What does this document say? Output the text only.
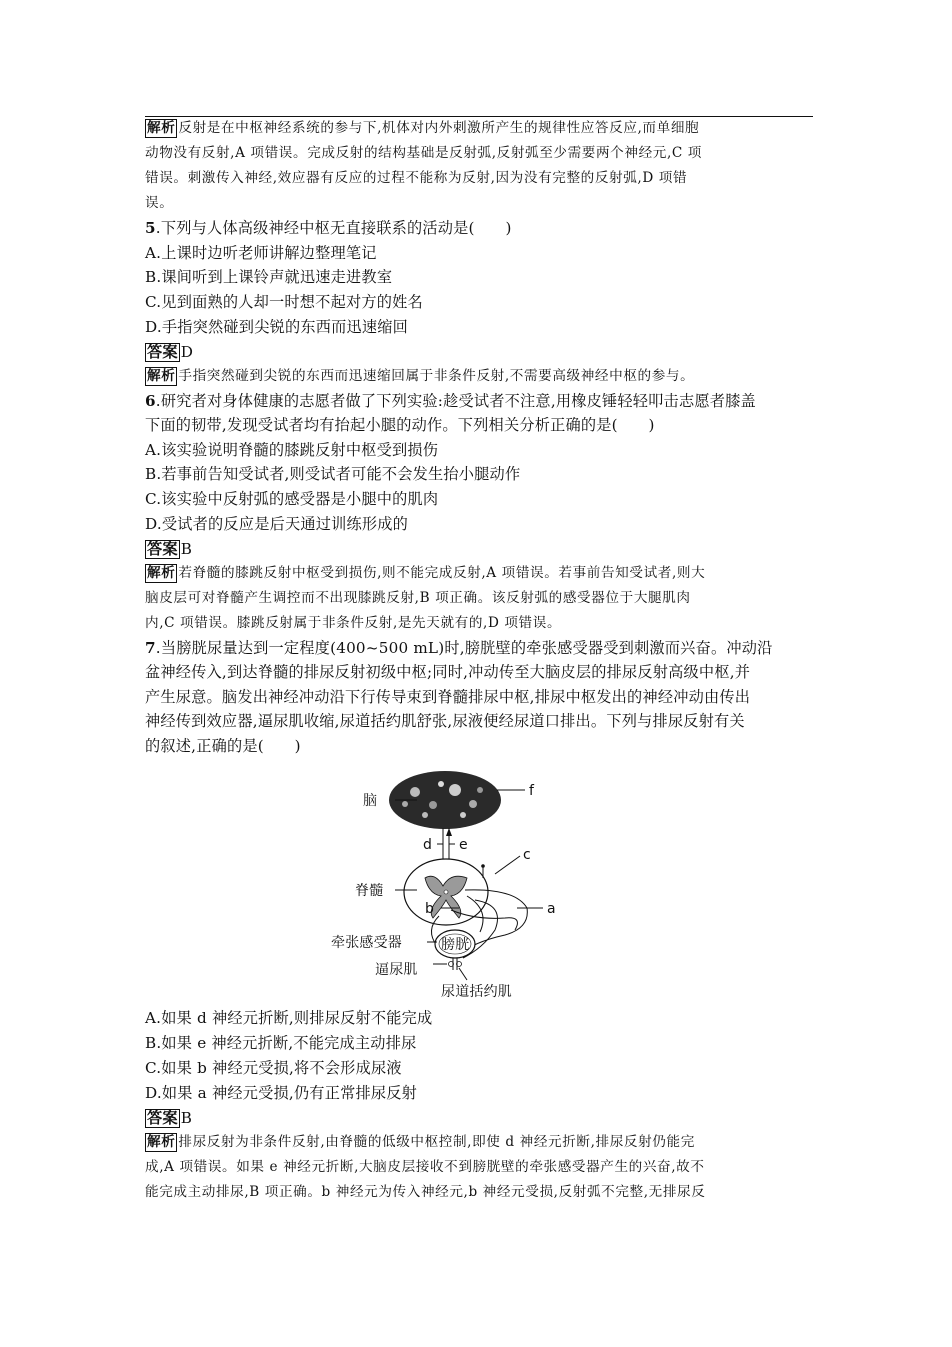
解析 反射是在中枢神经系统的参与下,机体对内外刺激所产生的规律性应答反应,而单细胞

动物没有反射,A 项错误。完成反射的结构基础是反射弧,反射弧至少需要两个神经元,C 项

错误。刺激传入神经,效应器有反应的过程不能称为反射,因为没有完整的反射弧,D 项错

误。

5.下列与人体高级神经中枢无直接联系的活动是(　　)

A.上课时边听老师讲解边整理笔记

B.课间听到上课铃声就迅速走进教室

C.见到面熟的人却一时想不起对方的姓名

D.手指突然碰到尖锐的东西而迅速缩回

答案 D

解析 手指突然碰到尖锐的东西而迅速缩回属于非条件反射,不需要高级神经中枢的参与。

6.研究者对身体健康的志愿者做了下列实验:趁受试者不注意,用橡皮锤轻轻叩击志愿者膝盖

下面的韧带,发现受试者均有抬起小腿的动作。下列相关分析正确的是(　　)

A.该实验说明脊髓的膝跳反射中枢受到损伤

B.若事前告知受试者,则受试者可能不会发生抬小腿动作

C.该实验中反射弧的感受器是小腿中的肌肉

D.受试者的反应是后天通过训练形成的

答案 B

解析 若脊髓的膝跳反射中枢受到损伤,则不能完成反射,A 项错误。若事前告知受试者,则大

脑皮层可对脊髓产生调控而不出现膝跳反射,B 项正确。该反射弧的感受器位于大腿肌肉

内,C 项错误。膝跳反射属于非条件反射,是先天就有的,D 项错误。

7.当膀胱尿量达到一定程度(400~500 mL)时,膀胱壁的牵张感受器受到刺激而兴奋。冲动沿

盆神经传入,到达脊髓的排尿反射初级中枢;同时,冲动传至大脑皮层的排尿反射高级中枢,并

产生尿意。脑发出神经冲动沿下行传导束到脊髓排尿中枢,排尿中枢发出的神经冲动由传出

神经传到效应器,逼尿肌收缩,尿道括约肌舒张,尿液便经尿道口排出。下列与排尿反射有关

的叙述,正确的是(　　)

脑
f
d e
c
脊髓
a
b
膀胱
牵张感受器
逼尿肌
尿道括约肌

A.如果 d 神经元折断,则排尿反射不能完成

B.如果 e 神经元折断,不能完成主动排尿

C.如果 b 神经元受损,将不会形成尿液

D.如果 a 神经元受损,仍有正常排尿反射

答案 B

解析 排尿反射为非条件反射,由脊髓的低级中枢控制,即使 d 神经元折断,排尿反射仍能完

成,A 项错误。如果 e 神经元折断,大脑皮层接收不到膀胱壁的牵张感受器产生的兴奋,故不

能完成主动排尿,B 项正确。b 神经元为传入神经元,b 神经元受损,反射弧不完整,无排尿反
